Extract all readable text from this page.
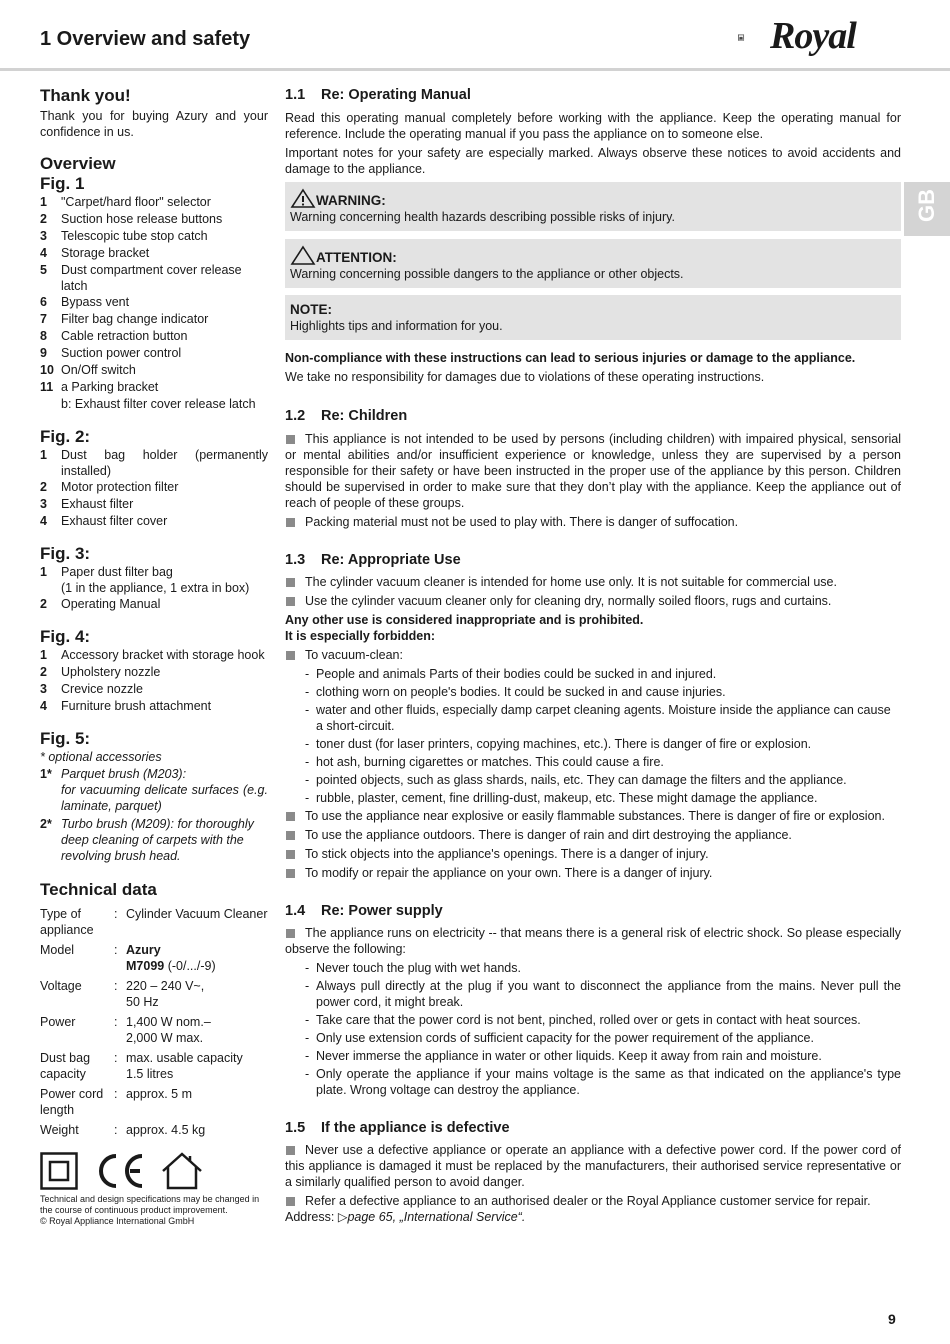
1 Overview and safety	Royal
GB
Thank you!

Thank you for buying Azury and your confidence in us.

Overview
Fig. 1
1 "Carpet/hard floor" selector
2 Suction hose release buttons
3 Telescopic tube stop catch
4 Storage bracket
5 Dust compartment cover release latch
6 Bypass vent
7 Filter bag change indicator
8 Cable retraction button
9 Suction power control
10 On/Off switch
11 a Parking bracket
b: Exhaust filter cover release latch
Fig. 2:
1 Dust bag holder (permanently installed)
2 Motor protection filter
3 Exhaust filter
4 Exhaust filter cover
Fig. 3:
1 Paper dust filter bag
(1 in the appliance, 1 extra in box)
2 Operating Manual
Fig. 4:
1 Accessory bracket with storage hook
2 Upholstery nozzle
3 Crevice nozzle
4 Furniture brush attachment
Fig. 5:
* optional accessories
1* Parquet brush (M203):
for vacuuming delicate surfaces (e.g. laminate, parquet)
2* Turbo brush (M209): for thoroughly deep cleaning of carpets with the revolving brush head.
Technical data
Type of appliance	:	Cylinder Vacuum Cleaner
Model	:	Azury
M7099 (-0/.../-9)
Voltage	:	220 – 240 V~,
50 Hz
Power	:	1,400 W nom.–
2,000 W max.
Dust bag capacity	:	max. usable capacity
1.5 litres
Power cord length	:	approx. 5 m
Weight	:	approx. 4.5 kg
Technical and design specifications may be changed in the course of continuous product improvement.
© Royal Appliance International GmbH
1.1 Re: Operating Manual

Read this operating manual completely before working with the appliance. Keep the operating manual for reference. Include the operating manual if you pass the appliance on to someone else.

Important notes for your safety are especially marked. Always observe these notices to avoid accidents and damage to the appliance.

WARNING:
Warning concerning health hazards describing possible risks of injury.
ATTENTION:
Warning concerning possible dangers to the appliance or other objects.
NOTE:
Highlights tips and information for you.

Non-compliance with these instructions can lead to serious injuries or damage to the appliance.

We take no responsibility for damages due to violations of these operating instructions.

1.2 Re: Children
This appliance is not intended to be used by persons (including children) with impaired physical, sensorial or mental abilities and/or insufficient experience or knowledge, unless they are supervised by a person responsible for their safety or have been instructed in the proper use of the appliance by this person. Children should be supervised in order to make sure that they don’t play with the appliance. Keep the appliance out of reach of people of these groups.
Packing material must not be used to play with. There is danger of suffocation.
1.3 Re: Appropriate Use
The cylinder vacuum cleaner is intended for home use only. It is not suitable for commercial use.
Use the cylinder vacuum cleaner only for cleaning dry, normally soiled floors, rugs and curtains.

Any other use is considered inappropriate and is prohibited.

It is especially forbidden:

To vacuum-clean:
- People and animals Parts of their bodies could be sucked in and injured.
- clothing worn on people's bodies. It could be sucked in and cause injuries.
- water and other fluids, especially damp carpet cleaning agents. Moisture inside the appliance can cause a short-circuit.
- toner dust (for laser printers, copying machines, etc.). There is danger of fire or explosion.
- hot ash, burning cigarettes or matches. This could cause a fire.
- pointed objects, such as glass shards, nails, etc. They can damage the filters and the appliance.
- rubble, plaster, cement, fine drilling-dust, makeup, etc. These might damage the appliance.
To use the appliance near explosive or easily flammable substances. There is danger of fire or explosion.
To use the appliance outdoors. There is danger of rain and dirt destroying the appliance.
To stick objects into the appliance's openings. There is a danger of injury.
To modify or repair the appliance on your own. There is a danger of injury.
1.4 Re: Power supply
The appliance runs on electricity -- that means there is a general risk of electric shock. So please especially observe the following:
- Never touch the plug with wet hands.
- Always pull directly at the plug if you want to disconnect the appliance from the mains. Never pull the power cord, it might break.
- Take care that the power cord is not bent, pinched, rolled over or gets in contact with heat sources.
- Only use extension cords of sufficient capacity for the power requirement of the appliance.
- Never immerse the appliance in water or other liquids. Keep it away from rain and moisture.
- Only operate the appliance if your mains voltage is the same as that indicated on the appliance's type plate. Wrong voltage can destroy the appliance.
1.5 If the appliance is defective
Never use a defective appliance or operate an appliance with a defective power cord. If the power cord of this appliance is damaged it must be replaced by the manufacturers, their authorised service representative or a similarly qualified person to avoid danger.
Refer a defective appliance to an authorised dealer or the Royal Appliance customer service for repair.
Address: ▷page 65, „International Service“.
9
